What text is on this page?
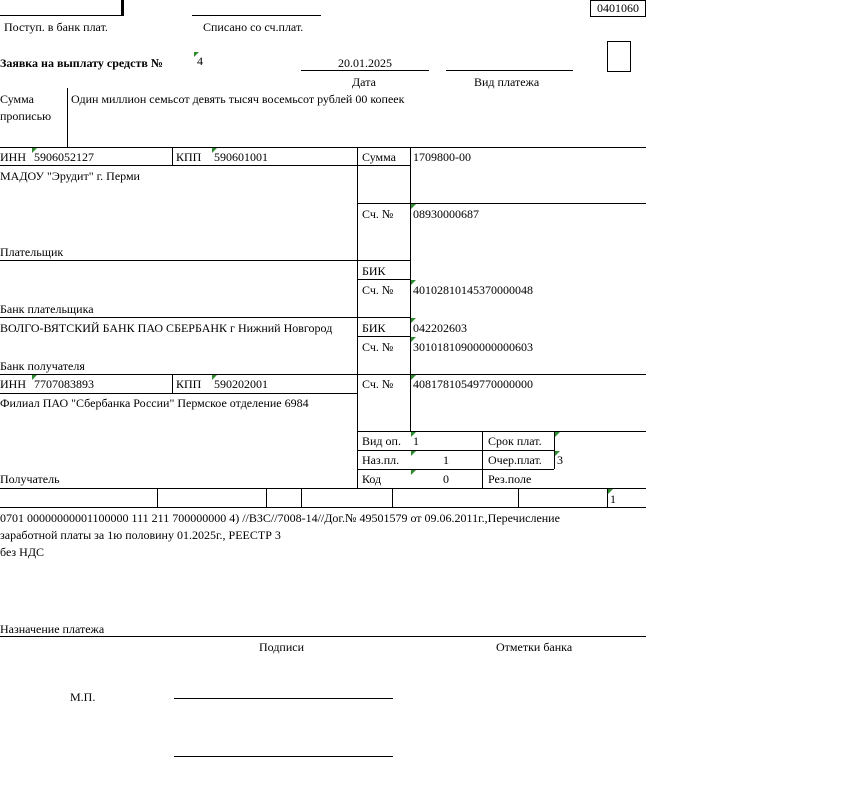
Поступ. в банк плат.	Списано со сч.плат.
0401060
Заявка на выплату средств №	4	20.01.2025
Дата	Вид платежа
Сумма
прописью
Один миллион семьсот девять тысяч восемьсот рублей 00 копеек
ИНН 5906052127	КПП 590601001	Сумма 1709800-00
МАДОУ "Эрудит" г. Перми
Сч. № 08930000687
Плательщик
БИК
Сч. № 40102810145370000048
Банк плательщика
ВОЛГО-ВЯТСКИЙ БАНК ПАО СБЕРБАНК г Нижний Новгород БИК 042202603
Сч. № 30101810900000000603
Банк получателя
ИНН 7707083893	КПП 590202001	Сч. № 40817810549770000000
Филиал ПАО "Сбербанка России" Пермское отделение 6984
Вид оп. 1	Срок плат.
Наз.пл.	1	Очер.плат. 3
Код	0	Рез.поле
Получатель
1
0701 00000000001100000 111 211 700000000 4) //ВЗС//7008-14//Дог.№ 49501579 от 09.06.2011г.,Перечисление
заработной платы за 1ю половину 01.2025г., РЕЕСТР 3
без НДС
Назначение платежа
Подписи	Отметки банка
М.П.
